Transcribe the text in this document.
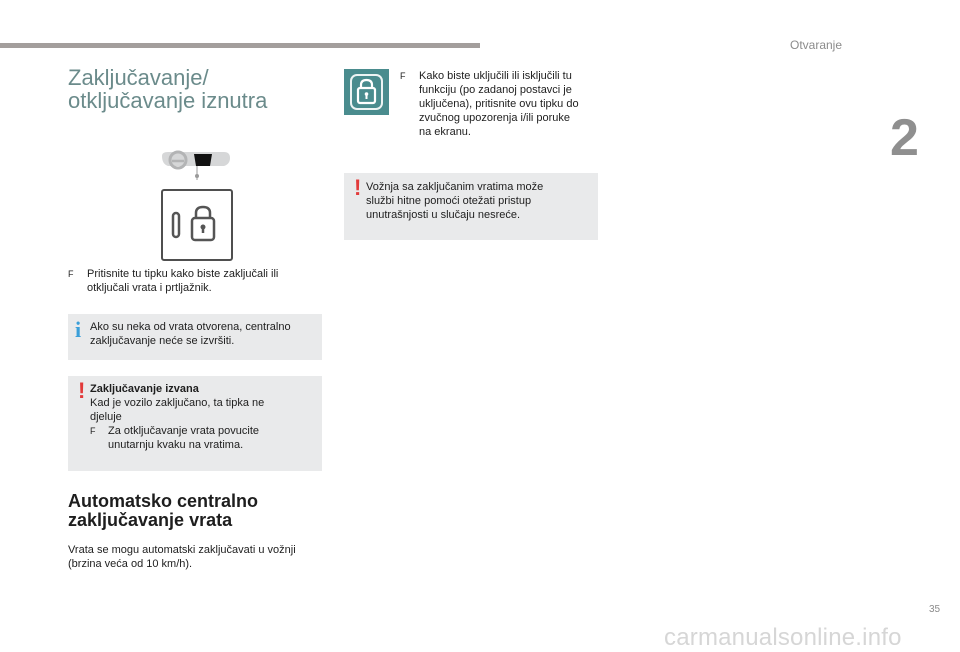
Otvaranje
2
Zaključavanje/
otključavanje iznutra
F Pritisnite tu tipku kako biste zaključali ili
otključali vrata i prtljažnik.
i Ako su neka od vrata otvorena, centralno
zaključavanje neće se izvršiti.
! Zaključavanje izvana
Kad je vozilo zaključano, ta tipka ne
djeluje
F Za otključavanje vrata povucite
unutarnju kvaku na vratima.
Automatsko centralno
zaključavanje vrata
Vrata se mogu automatski zaključavati u vožnji
(brzina veća od 10 km/h).
F Kako biste uključili ili isključili tu
funkciju (po zadanoj postavci je
uključena), pritisnite ovu tipku do
zvučnog upozorenja i/ili poruke
na ekranu.
! Vožnja sa zaključanim vratima može
službi hitne pomoći otežati pristup
unutrašnjosti u slučaju nesreće.
35
carmanualsonline.info
